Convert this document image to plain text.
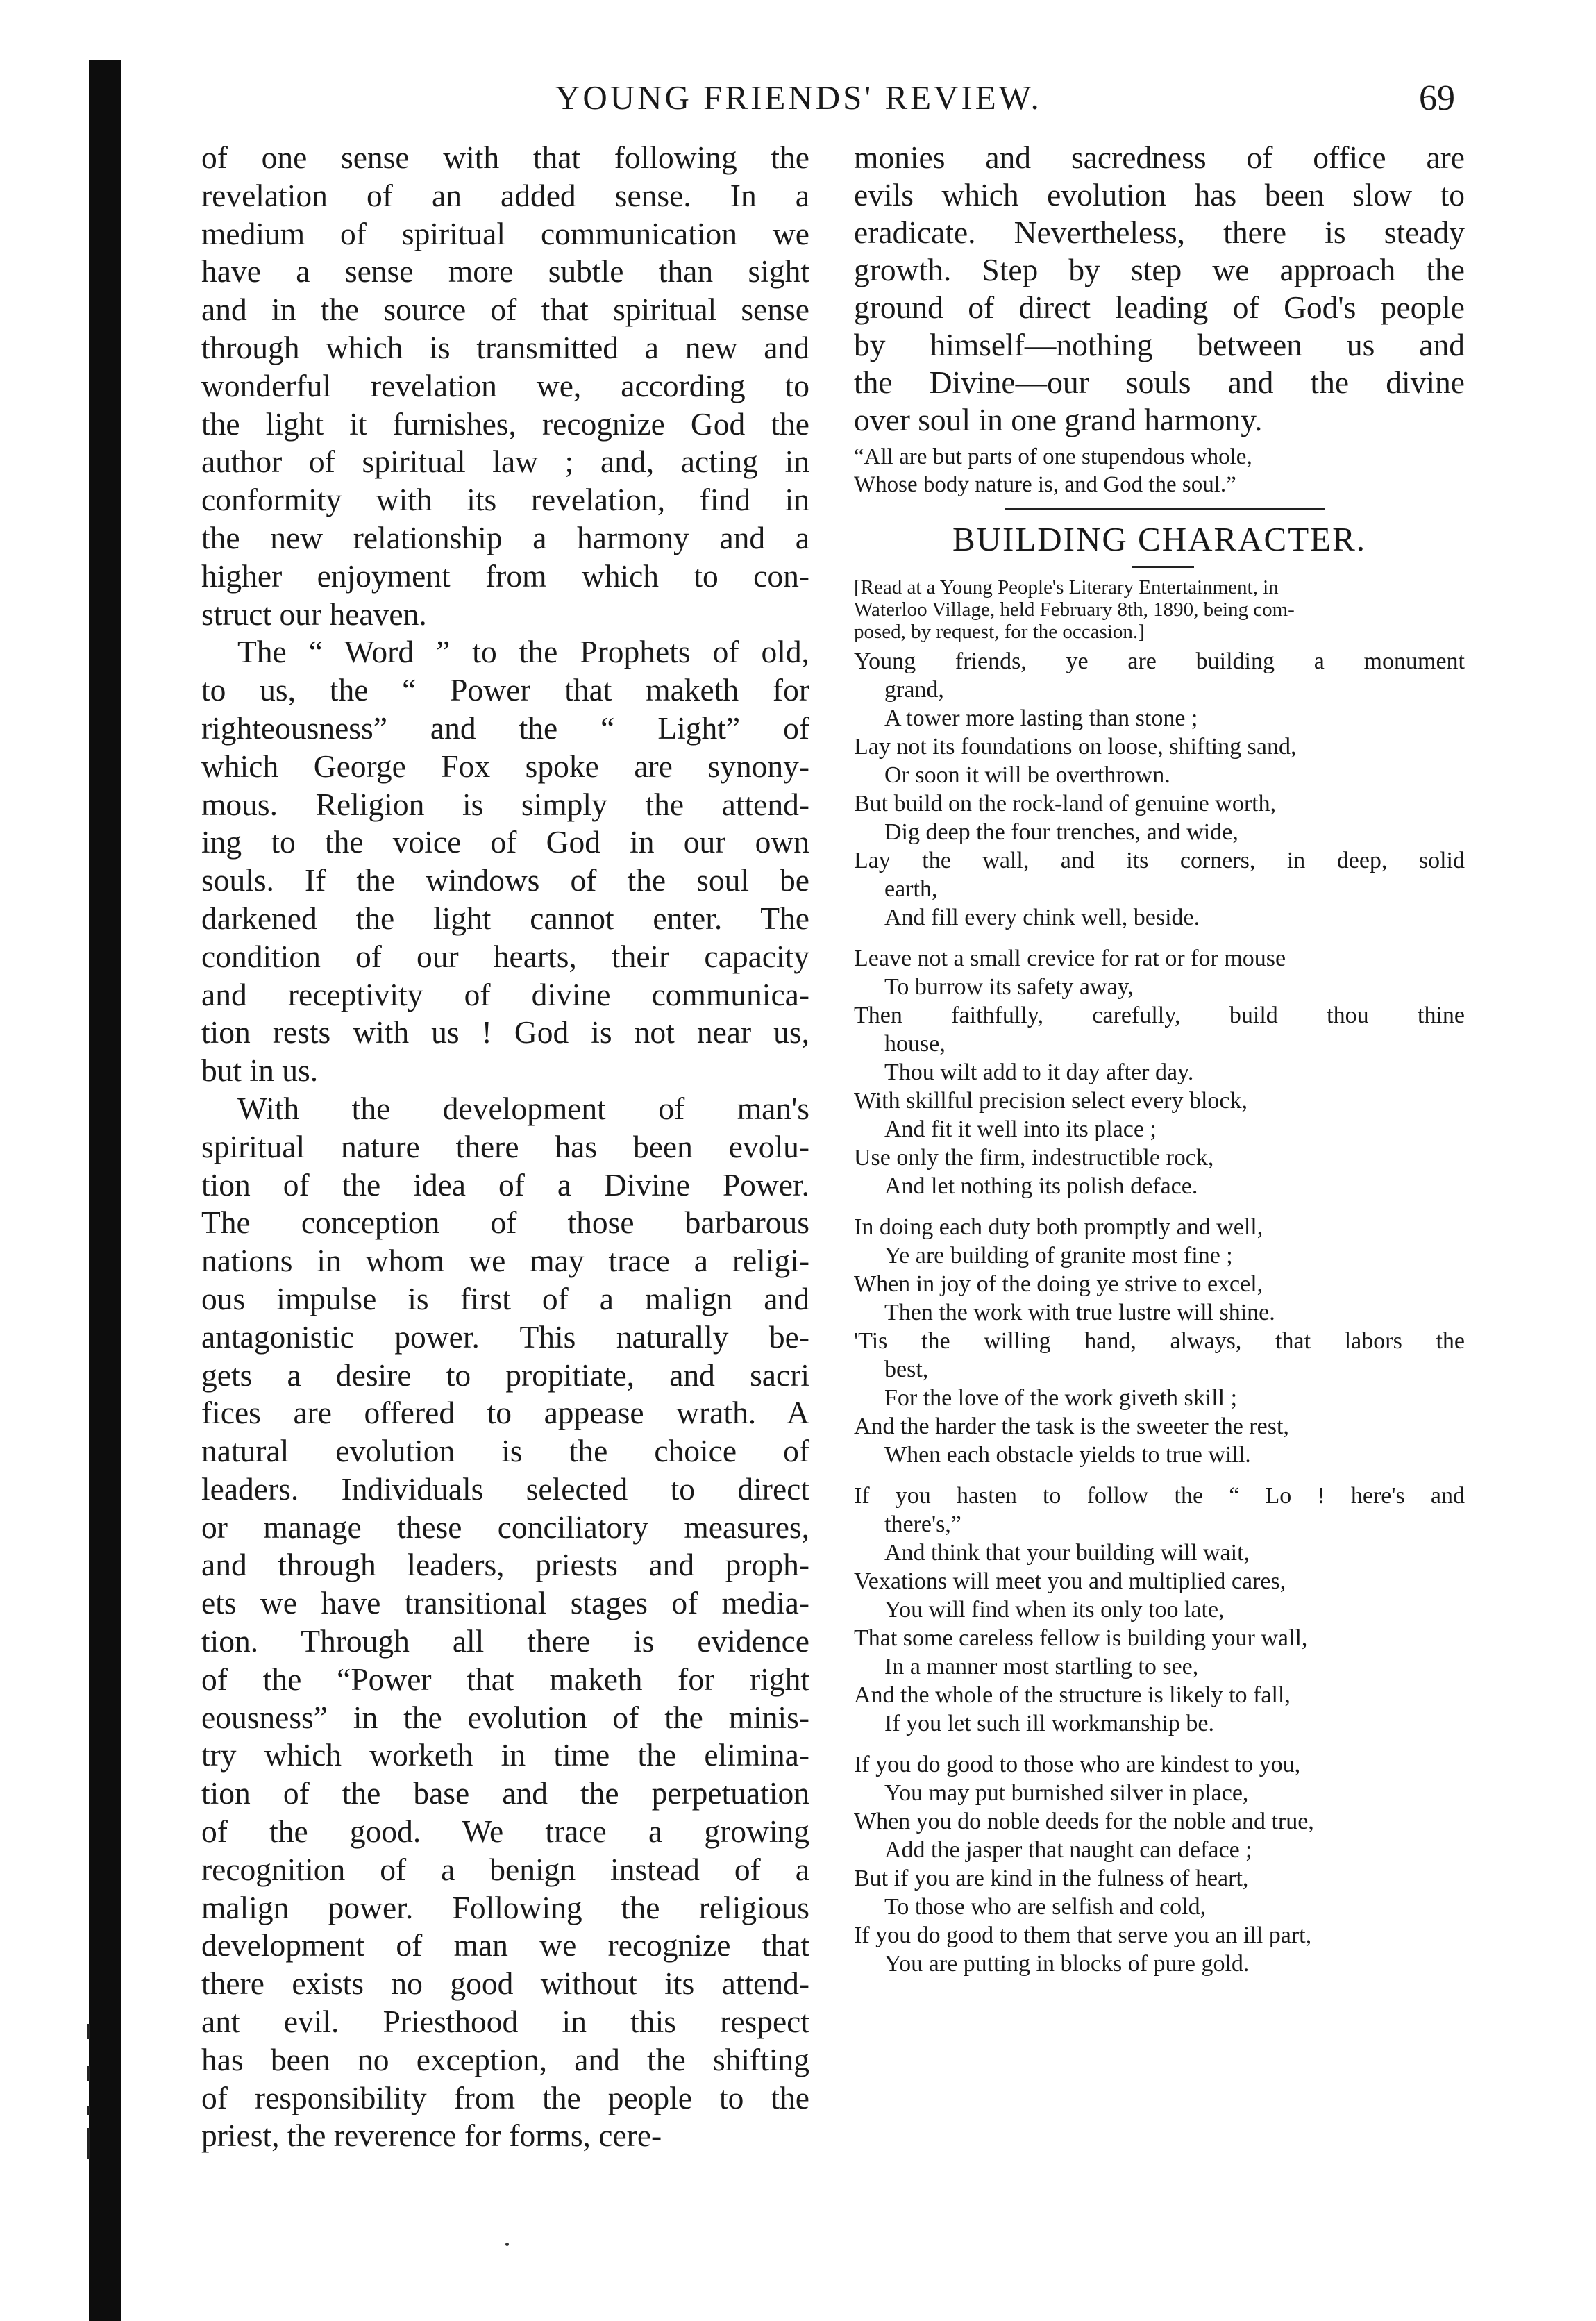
YOUNG FRIENDS' REVIEW.	69
of one sense with that following the
revelation of an added sense. In a
medium of spiritual communication we
have a sense more subtle than sight
and in the source of that spiritual sense
through which is transmitted a new and
wonderful revelation we, according to
the light it furnishes, recognize God the
author of spiritual law ; and, acting in
conformity with its revelation, find in
the new relationship a harmony and a
higher enjoyment from which to con-
struct our heaven.
The “ Word ” to the Prophets of old,
to us, the “ Power that maketh for
righteousness” and the “ Light” of
which George Fox spoke are synony-
mous. Religion is simply the attend-
ing to the voice of God in our own
souls. If the windows of the soul be
darkened the light cannot enter. The
condition of our hearts, their capacity
and receptivity of divine communica-
tion rests with us ! God is not near us,
but in us.
With the development of man's
spiritual nature there has been evolu-
tion of the idea of a Divine Power.
The conception of those barbarous
nations in whom we may trace a religi-
ous impulse is first of a malign and
antagonistic power. This naturally be-
gets a desire to propitiate, and sacri
fices are offered to appease wrath. A
natural evolution is the choice of
leaders. Individuals selected to direct
or manage these conciliatory measures,
and through leaders, priests and proph-
ets we have transitional stages of media-
tion. Through all there is evidence
of the “Power that maketh for right
eousness” in the evolution of the minis-
try which worketh in time the elimina-
tion of the base and the perpetuation
of the good. We trace a growing
recognition of a benign instead of a
malign power. Following the religious
development of man we recognize that
there exists no good without its attend-
ant evil. Priesthood in this respect
has been no exception, and the shifting
of responsibility from the people to the
priest, the reverence for forms, cere-
monies and sacredness of office are
evils which evolution has been slow to
eradicate. Nevertheless, there is steady
growth. Step by step we approach the
ground of direct leading of God's people
by himself—nothing between us and
the Divine—our souls and the divine
over soul in one grand harmony.
“All are but parts of one stupendous whole,
Whose body nature is, and God the soul.”
BUILDING CHARACTER.
[Read at a Young People's Literary Entertainment, in
Waterloo Village, held February 8th, 1890, being com-
posed, by request, for the occasion.]
Young friends, ye are building a monument
grand,
A tower more lasting than stone ;
Lay not its foundations on loose, shifting sand,
Or soon it will be overthrown.
But build on the rock-land of genuine worth,
Dig deep the four trenches, and wide,
Lay the wall, and its corners, in deep, solid
earth,
And fill every chink well, beside.
Leave not a small crevice for rat or for mouse
To burrow its safety away,
Then faithfully, carefully, build thou thine
house,
Thou wilt add to it day after day.
With skillful precision select every block,
And fit it well into its place ;
Use only the firm, indestructible rock,
And let nothing its polish deface.
In doing each duty both promptly and well,
Ye are building of granite most fine ;
When in joy of the doing ye strive to excel,
Then the work with true lustre will shine.
'Tis the willing hand, always, that labors the
best,
For the love of the work giveth skill ;
And the harder the task is the sweeter the rest,
When each obstacle yields to true will.
If you hasten to follow the “ Lo ! here's and
there's,”
And think that your building will wait,
Vexations will meet you and multiplied cares,
You will find when its only too late,
That some careless fellow is building your wall,
In a manner most startling to see,
And the whole of the structure is likely to fall,
If you let such ill workmanship be.
If you do good to those who are kindest to you,
You may put burnished silver in place,
When you do noble deeds for the noble and true,
Add the jasper that naught can deface ;
But if you are kind in the fulness of heart,
To those who are selfish and cold,
If you do good to them that serve you an ill part,
You are putting in blocks of pure gold.
